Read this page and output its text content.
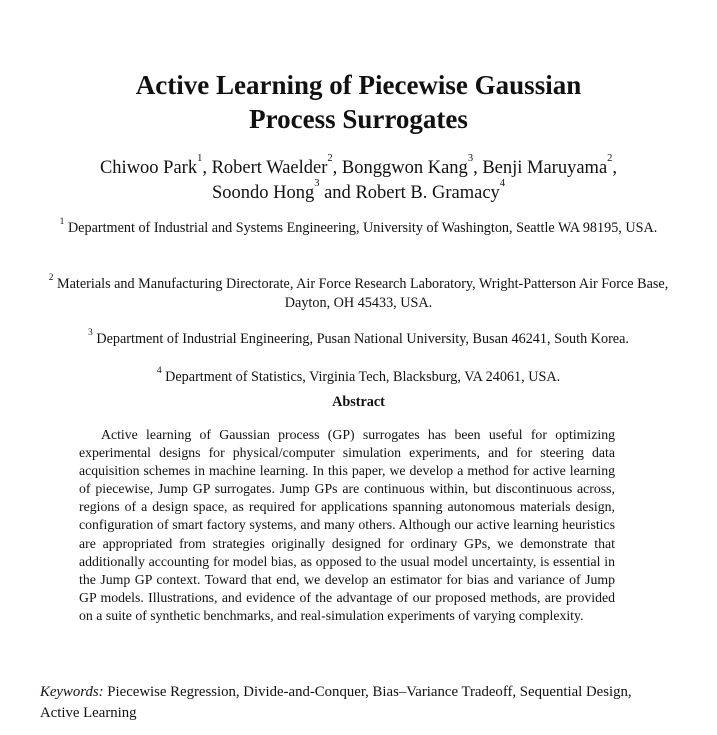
Active Learning of Piecewise Gaussian
Process Surrogates
Chiwoo Park$^1$, Robert Waelder$^2$, Bonggwon Kang$^3$, Benji Maruyama$^2$,
Soondo Hong$^3$ and Robert B. Gramacy$^4$
$^1$ Department of Industrial and Systems Engineering, University of Washington, Seattle WA 98195, USA.
$^2$ Materials and Manufacturing Directorate, Air Force Research Laboratory, Wright-Patterson Air Force Base, Dayton, OH 45433, USA.
$^3$ Department of Industrial Engineering, Pusan National University, Busan 46241, South Korea.
$^4$ Department of Statistics, Virginia Tech, Blacksburg, VA 24061, USA.
Abstract
Active learning of Gaussian process (GP) surrogates has been useful for optimizing experimental designs for physical/computer simulation experiments, and for steering data acquisition schemes in machine learning. In this paper, we develop a method for active learning of piecewise, Jump GP surrogates. Jump GPs are continuous within, but discontinuous across, regions of a design space, as required for applications spanning autonomous materials design, configuration of smart factory systems, and many others. Although our active learning heuristics are appropriated from strategies originally designed for ordinary GPs, we demonstrate that additionally accounting for model bias, as opposed to the usual model uncertainty, is essential in the Jump GP context. Toward that end, we develop an estimator for bias and variance of Jump GP models. Illustrations, and evidence of the advantage of our proposed methods, are provided on a suite of synthetic benchmarks, and real-simulation experiments of varying complexity.
Keywords: Piecewise Regression, Divide-and-Conquer, Bias–Variance Tradeoff, Sequential Design, Active Learning
